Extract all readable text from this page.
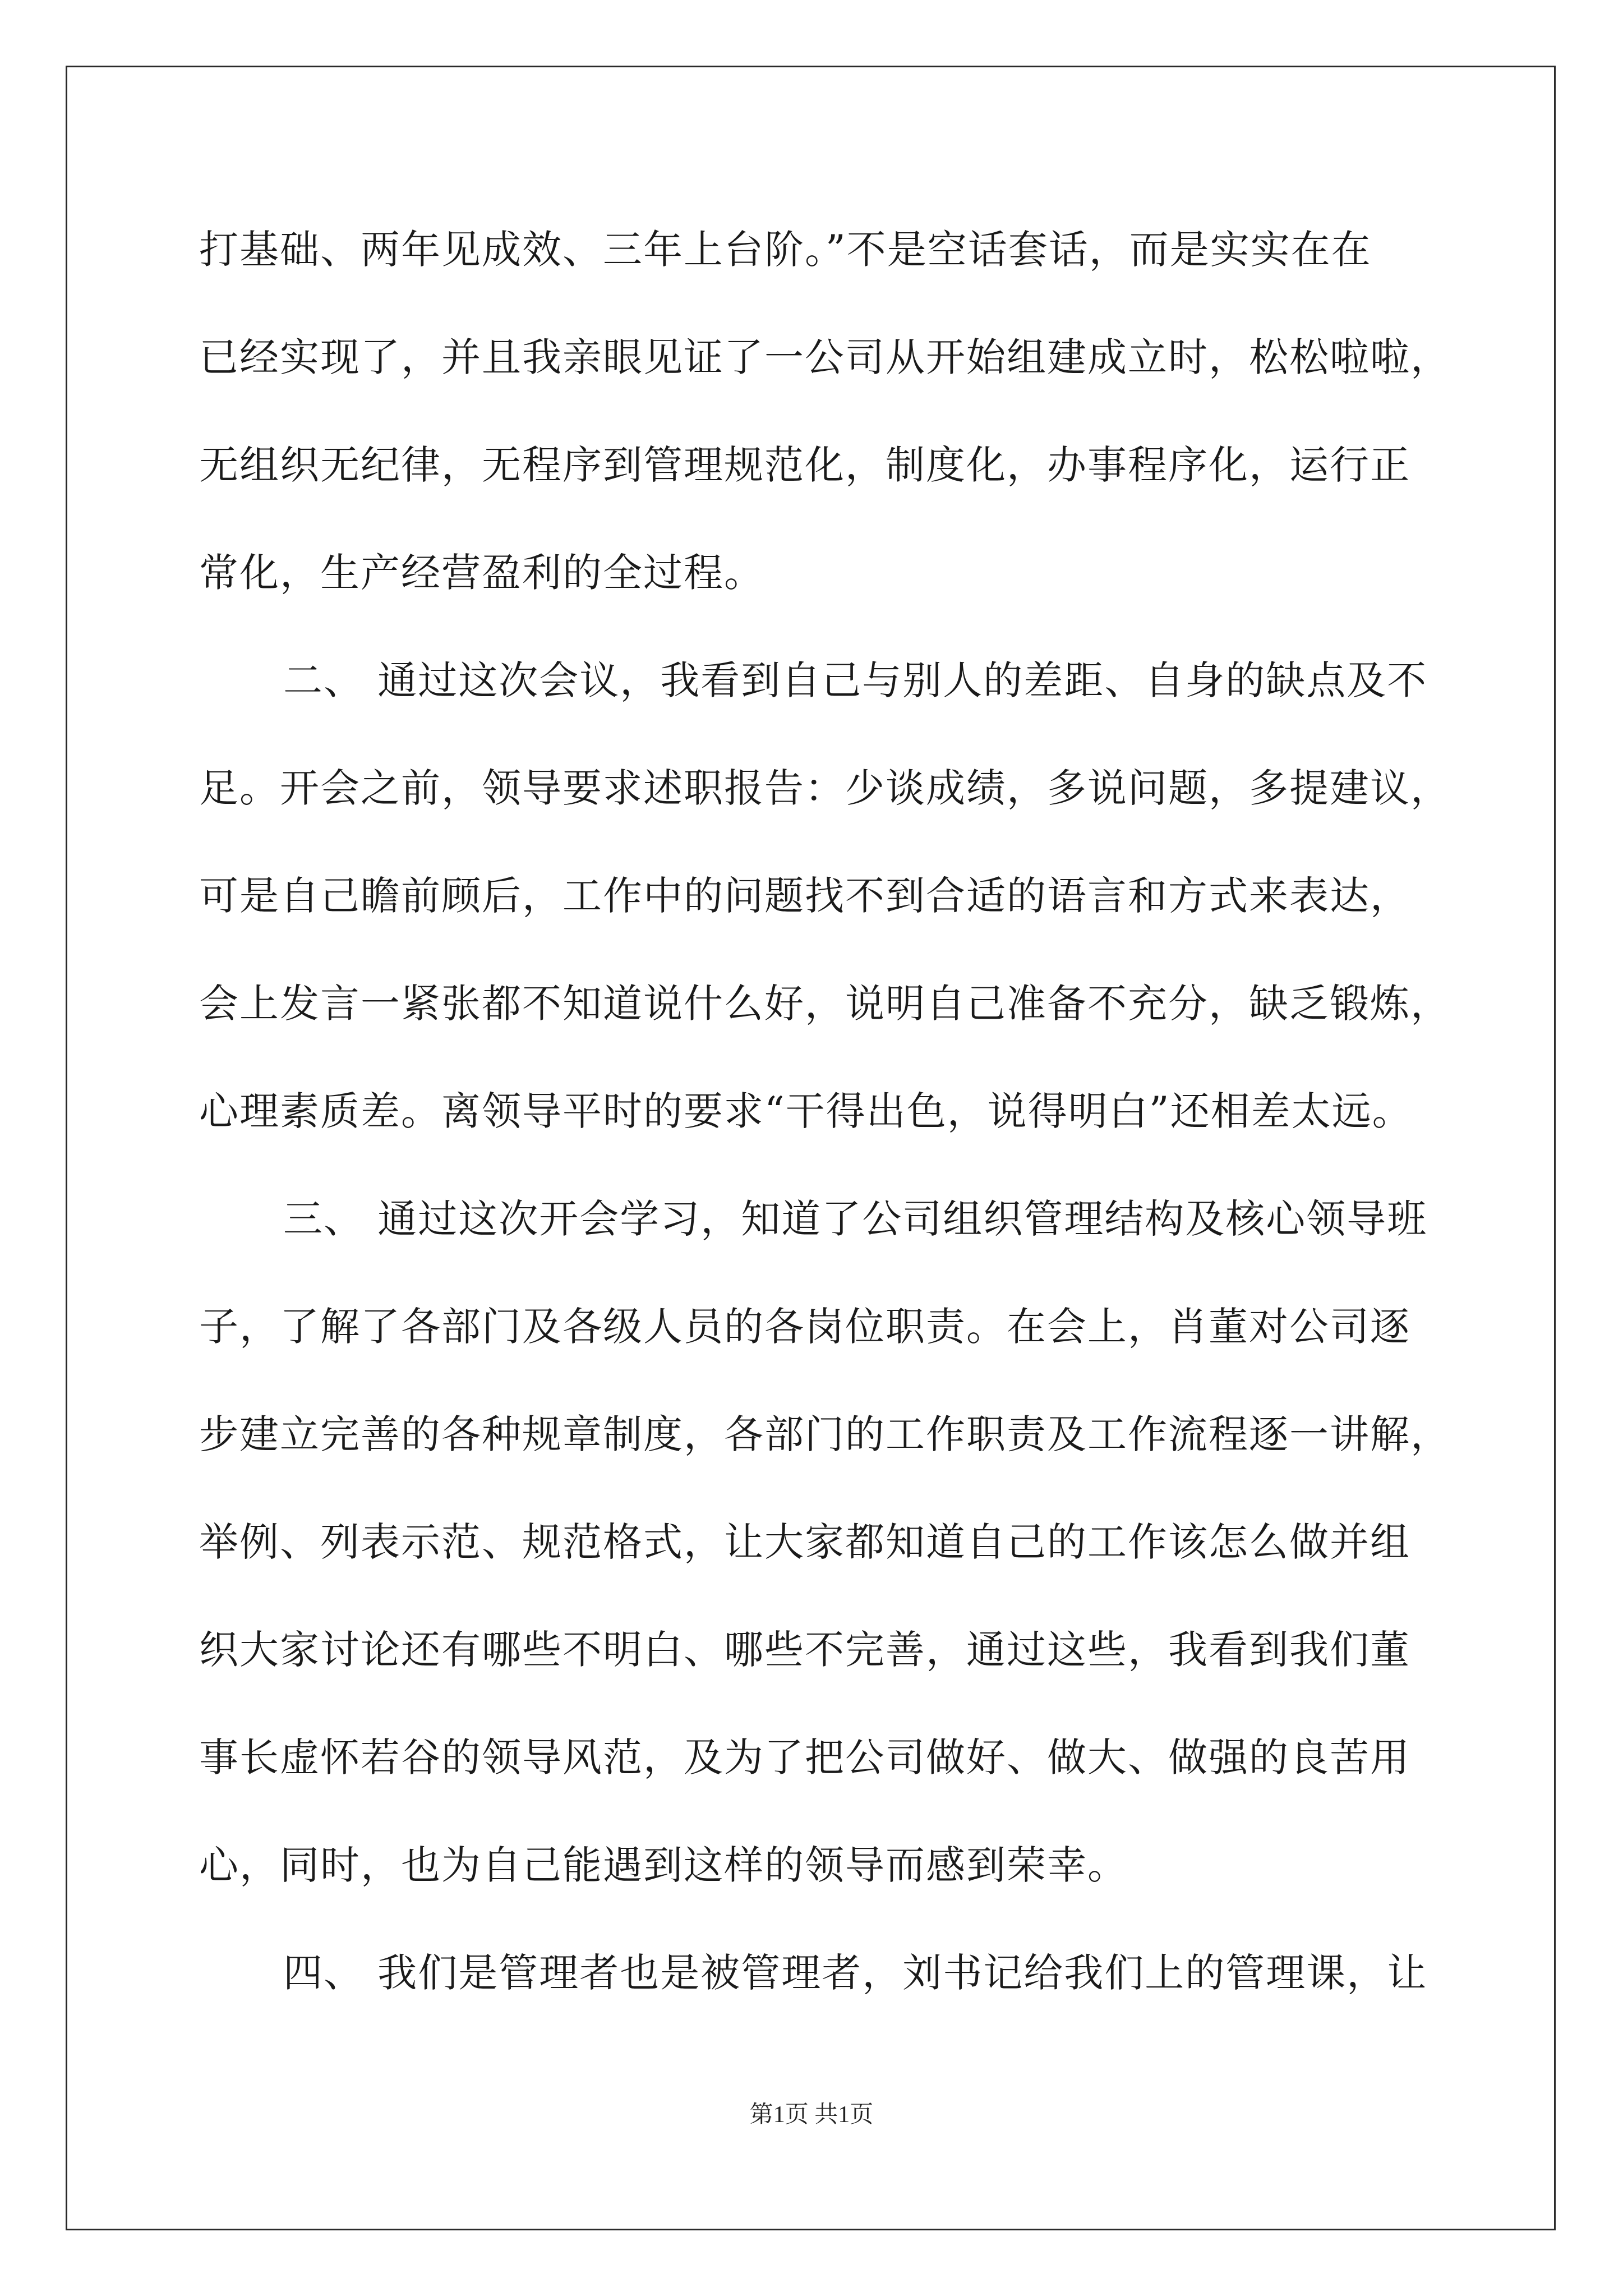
打基础、两年见成效、三年上台阶。”不是空话套话，而是实实在在
已经实现了，并且我亲眼见证了一公司从开始组建成立时，松松啦啦，
无组织无纪律，无程序到管理规范化，制度化，办事程序化，运行正
常化，生产经营盈利的全过程。
二、 通过这次会议，我看到自己与别人的差距、自身的缺点及不
足。开会之前，领导要求述职报告：少谈成绩，多说问题，多提建议，
可是自己瞻前顾后，工作中的问题找不到合适的语言和方式来表达，
会上发言一紧张都不知道说什么好，说明自己准备不充分，缺乏锻炼，
心理素质差。离领导平时的要求“干得出色，说得明白”还相差太远。
三、 通过这次开会学习，知道了公司组织管理结构及核心领导班
子，了解了各部门及各级人员的各岗位职责。在会上，肖董对公司逐
步建立完善的各种规章制度，各部门的工作职责及工作流程逐一讲解，
举例、列表示范、规范格式，让大家都知道自己的工作该怎么做并组
织大家讨论还有哪些不明白、哪些不完善，通过这些，我看到我们董
事长虚怀若谷的领导风范，及为了把公司做好、做大、做强的良苦用
心，同时，也为自己能遇到这样的领导而感到荣幸。
四、 我们是管理者也是被管理者，刘书记给我们上的管理课，让
第1页 共1页
